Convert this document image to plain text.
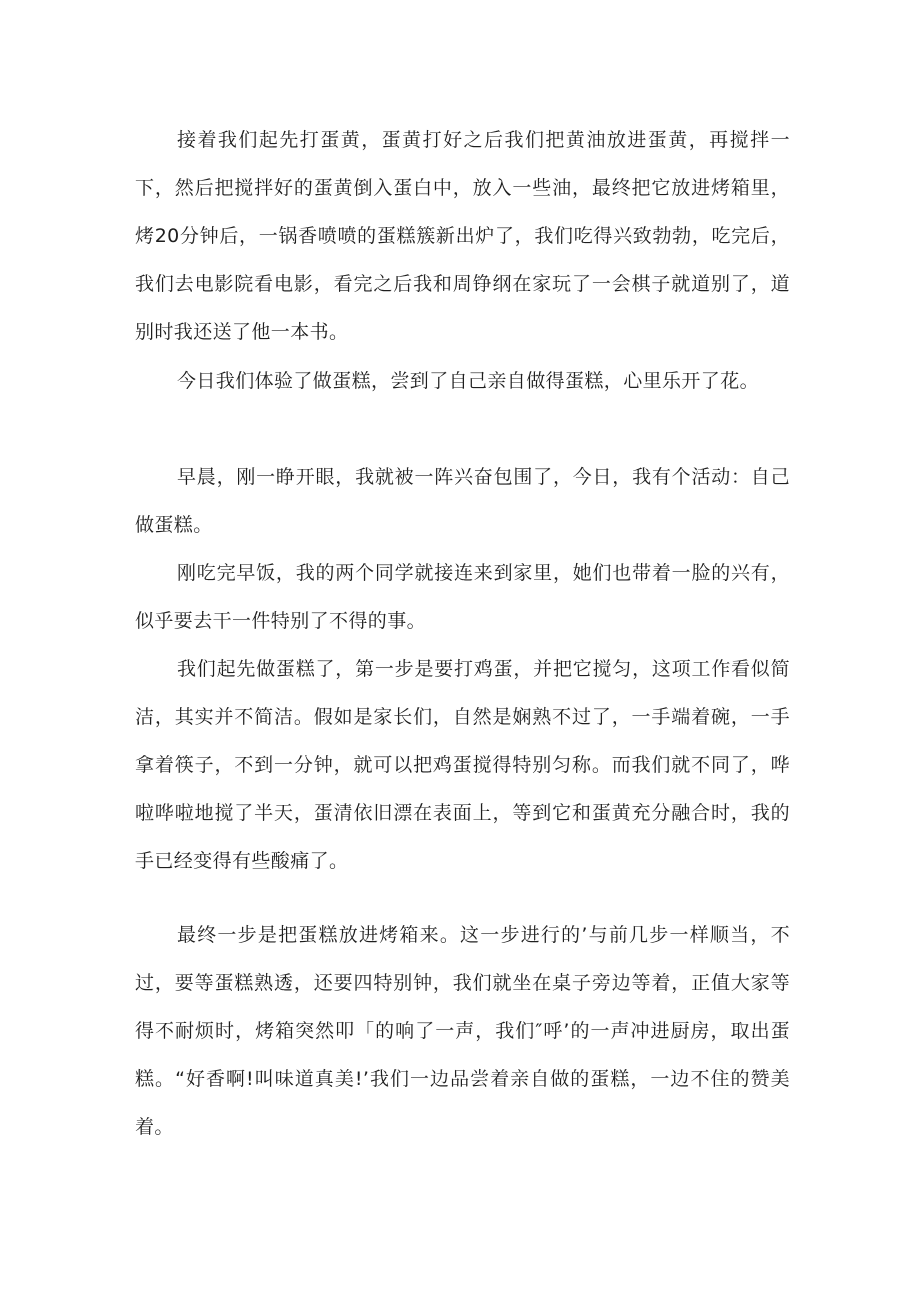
接着我们起先打蛋黄，蛋黄打好之后我们把黄油放进蛋黄，再搅拌一下，然后把搅拌好的蛋黄倒入蛋白中，放入一些油，最终把它放进烤箱里，烤20分钟后，一锅香喷喷的蛋糕簇新出炉了，我们吃得兴致勃勃，吃完后，我们去电影院看电影，看完之后我和周铮纲在家玩了一会棋子就道别了，道别时我还送了他一本书。

今日我们体验了做蛋糕，尝到了自己亲自做得蛋糕，心里乐开了花。

早晨，刚一睁开眼，我就被一阵兴奋包围了，今日，我有个活动：自己做蛋糕。

刚吃完早饭，我的两个同学就接连来到家里，她们也带着一脸的兴有，似乎要去干一件特别了不得的事。

我们起先做蛋糕了，第一步是要打鸡蛋，并把它搅匀，这项工作看似简洁，其实并不简洁。假如是家长们，自然是娴熟不过了，一手端着碗，一手拿着筷子，不到一分钟，就可以把鸡蛋搅得特别匀称。而我们就不同了，哗啦哗啦地搅了半天，蛋清依旧漂在表面上，等到它和蛋黄充分融合时，我的手已经变得有些酸痛了。

最终一步是把蛋糕放进烤箱来。这一步进行的’与前几步一样顺当，不过，要等蛋糕熟透，还要四特别钟，我们就坐在桌子旁边等着，正值大家等得不耐烦时，烤箱突然叩「的响了一声，我们″呼’的一声冲进厨房，取出蛋糕。“好香啊!叫味道真美!’我们一边品尝着亲自做的蛋糕，一边不住的赞美着。
